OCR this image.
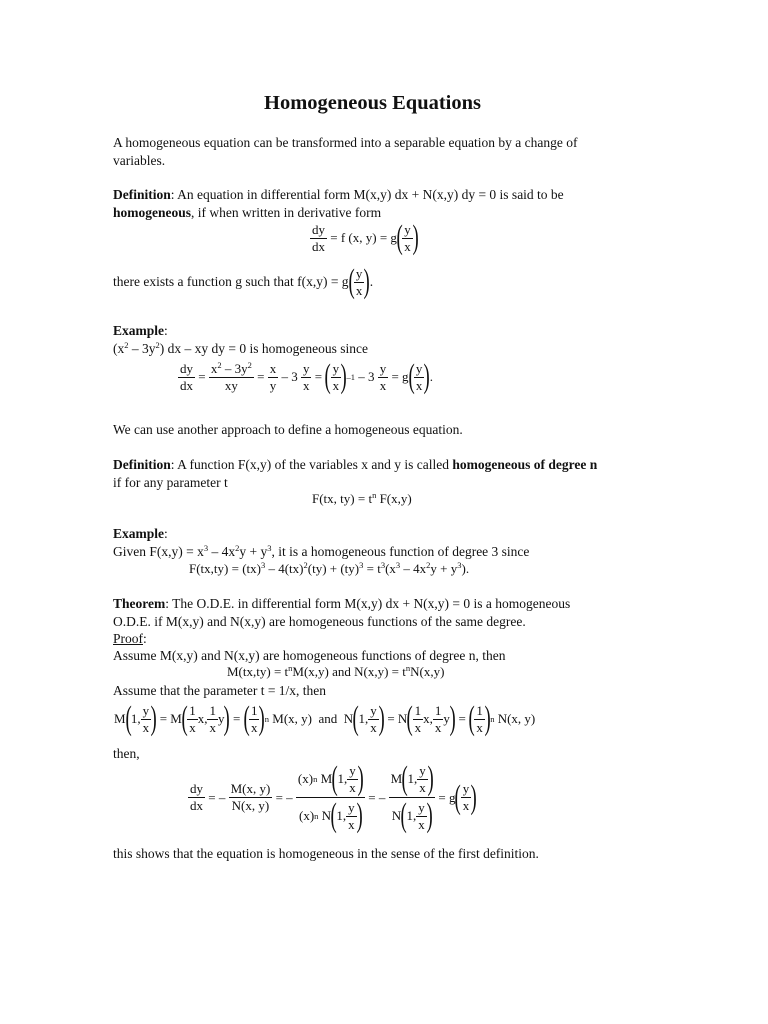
Homogeneous Equations
A homogeneous equation can be transformed into a separable equation by a change of
variables.
Definition: An equation in differential form M(x,y) dx + N(x,y) dy = 0 is said to be
homogeneous, if when written in derivative form
$\frac{dy}{dx} = f$ (x, y) = g ( $\frac{y}{x}$ )
there exists a function g such that f(x,y) = g ( $\frac{y}{x}$ ) .
Example:
$(x^2 - 3y^2)$ dx – xy dy = 0 is homogeneous since
$\frac{dy}{dx} = \frac{x^2 - 3y^2}{xy} = \frac{x}{y} - 3 \frac{y}{x}$ = ( $\frac{y}{x}$ ) $-1 - 3 \frac{y}{x} = g$ ( $\frac{y}{x}$ ) .
We can use another approach to define a homogeneous equation.
Definition: A function F(x,y) of the variables x and y is called homogeneous of degree n
if for any parameter t
F(tx, $ty) = t^n$ F(x,y)
Example:
Given $F(x,y) = x^3 - 4x^2y + y^3$, it is a homogeneous function of degree 3 since
$F(tx,ty) = (tx)^3 - 4(tx)^2(ty) + (ty)^3 = t^3(x^3 - 4x^2y + y^3)$.
Theorem: The O.D.E. in differential form M(x,y) dx + N(x,y) = 0 is a homogeneous
O.D.E. if M(x,y) and N(x,y) are homogeneous functions of the same degree.
Proof:
Assume M(x,y) and N(x,y) are homogeneous functions of degree n, then
$M(tx,ty) = t^nM(x,y)$ and $N(x,y) = t^nN(x,y)$
Assume that the parameter t = 1/x, then
M ( 1, $\frac{y}{x}$ ) = M ( $\frac{1}{x} x$, $\frac{1}{x}$ y ) = ( $\frac{1}{x}$ ) n M(x, y)  and  N ( 1, $\frac{y}{x}$ ) = N ( $\frac{1}{x} x$, $\frac{1}{x}$ y ) = ( $\frac{1}{x}$ ) n N(x, y)
then,
$\frac{dy}{dx}$ = – $\frac{M(x, y)}{N(x, y)}$ = – $\frac{(x) n M ( 1, \frac{y}{x} )}{(x) n N ( 1, \frac{y}{x} )}$ = – $\frac{M ( 1, \frac{y}{x} )}{N ( 1, \frac{y}{x} )} = g$ ( $\frac{y}{x}$ )
this shows that the equation is homogeneous in the sense of the first definition.
